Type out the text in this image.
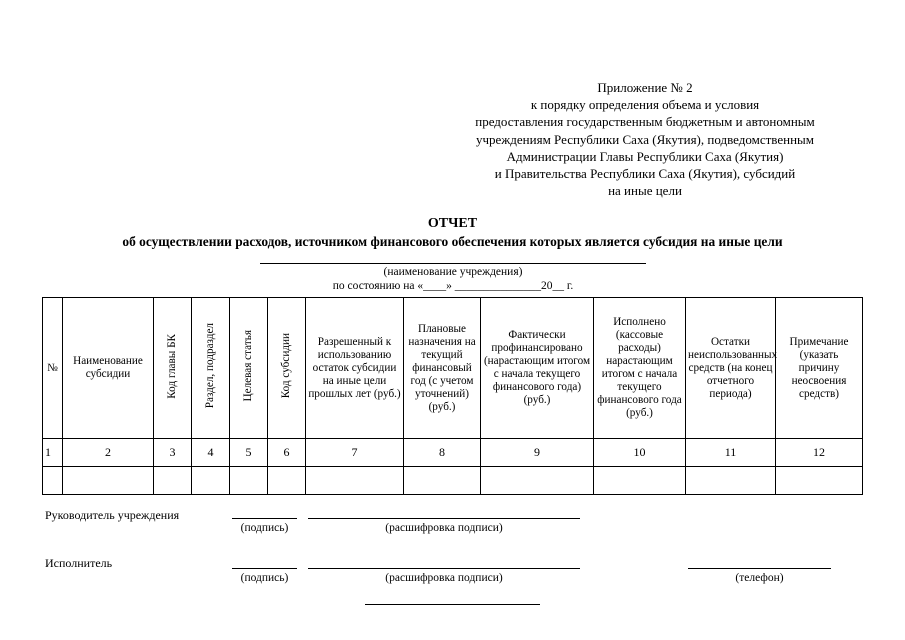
Приложение № 2
к порядку определения объема и условия
предоставления государственным бюджетным и автономным
учреждениям Республики Саха (Якутия), подведомственным
Администрации Главы Республики Саха (Якутия)
и Правительства Республики Саха (Якутия), субсидий
на иные цели
ОТЧЕТ
об осуществлении расходов, источником финансового обеспечения которых является субсидия на иные цели
(наименование учреждения)
по состоянию на «____» _______________20__ г.
№	Наименование субсидии	Код главы БК	Раздел, подраздел	Целевая статья	Код субсидии	Разрешенный к использованию остаток субсидии на иные цели прошлых лет (руб.)	Плановые назначения на текущий финансовый год (с учетом уточнений) (руб.)	Фактически профинансировано (нарастающим итогом с начала текущего финансового года) (руб.)	Исполнено (кассовые расходы) нарастающим итогом с начала текущего финансового года (руб.)	Остатки неиспользованных средств (на конец отчетного периода)	Примечание (указать причину неосвоения средств)
1	2	3	4	5	6	7	8	9	10	11	12

Руководитель учреждения
(подпись)	(расшифровка подписи)
Исполнитель
(подпись)	(расшифровка подписи)	(телефон)
